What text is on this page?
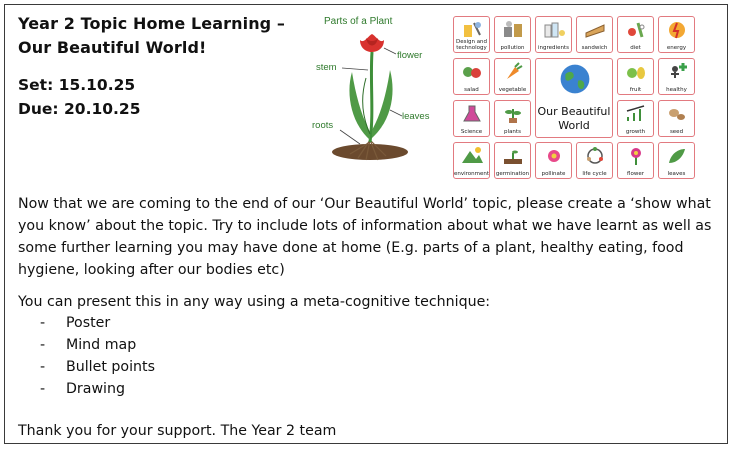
Year 2 Topic Home Learning –
Our Beautiful World!
Set: 15.10.25
Due: 20.10.25
Parts of a Plant
flower
stem
leaves
roots
Design and technology	pollution	ingredients	sandwich	diet	energy
salad	vegetable	fruit	healthy
Science	plants	growth	seed
environment germination	pollinate	life cycle	flower	leaves
Our Beautiful World
Now that we are coming to the end of our ‘Our Beautiful World’ topic, please create a ‘show what you know’ about the topic. Try to include lots of information about what we have learnt as well as some further learning you may have done at home (E.g. parts of a plant, healthy eating, food hygiene, looking after our bodies etc)
You can present this in any way using a meta-cognitive technique:
- Poster
- Mind map
- Bullet points
- Drawing
Thank you for your support. The Year 2 team
